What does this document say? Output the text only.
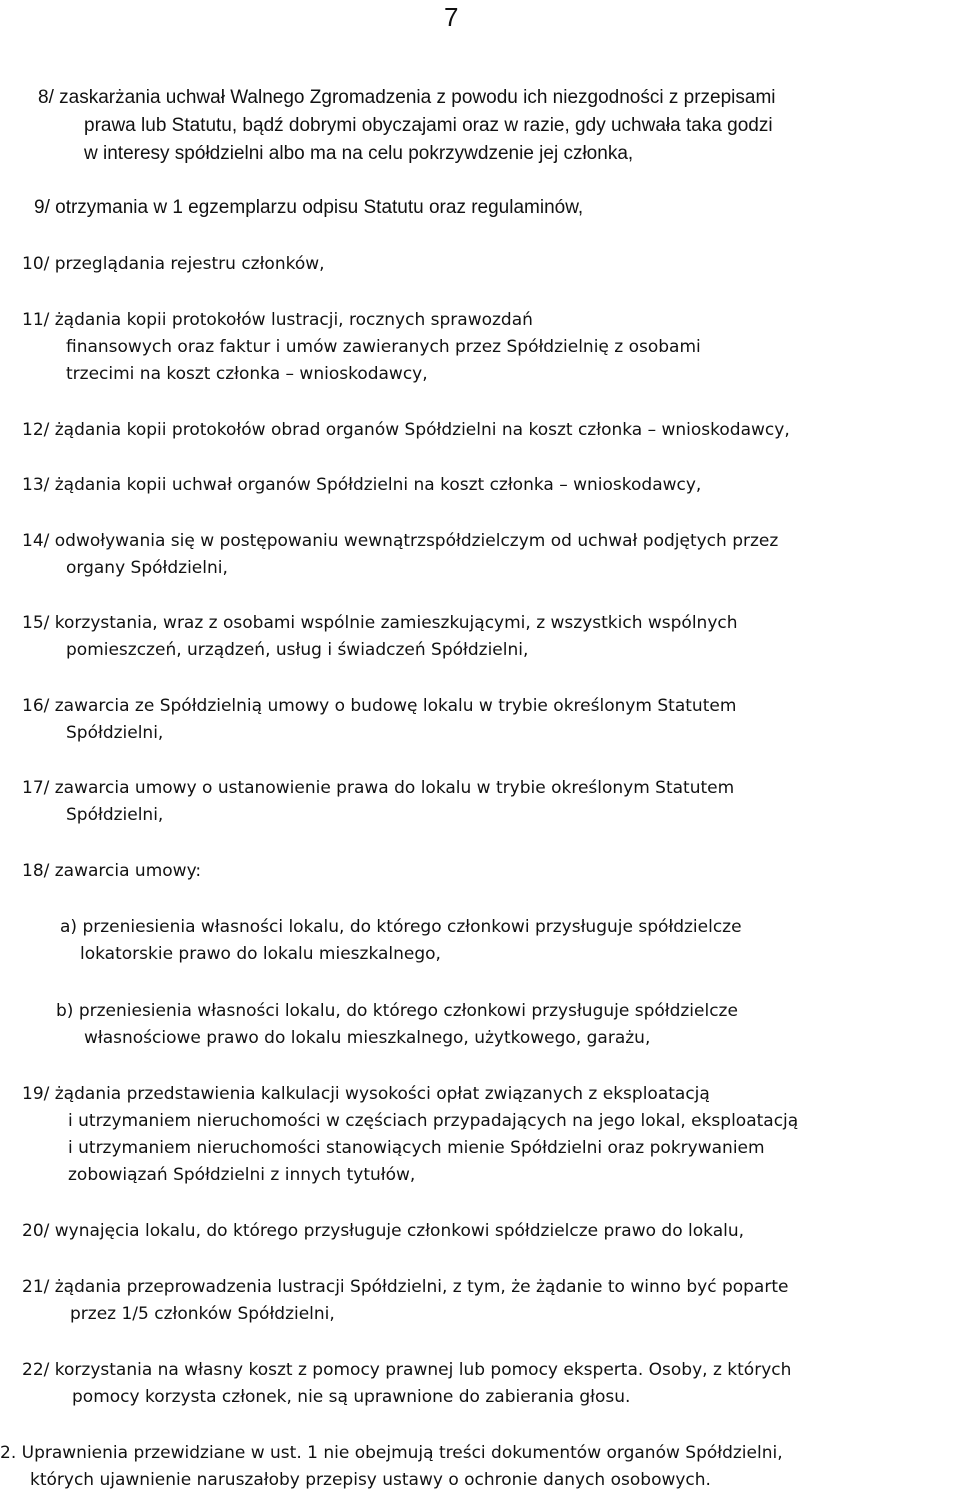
7
8/ zaskarżania uchwał Walnego Zgromadzenia z powodu ich niezgodności z przepisami
prawa lub Statutu, bądź dobrymi obyczajami oraz w razie, gdy uchwała taka godzi
w interesy spółdzielni albo ma na celu pokrzywdzenie jej członka,
9/ otrzymania w 1 egzemplarzu odpisu Statutu oraz regulaminów,
10/ przeglądania rejestru członków,
11/ żądania kopii protokołów lustracji, rocznych sprawozdań
finansowych oraz faktur i umów zawieranych przez Spółdzielnię z osobami
trzecimi na koszt członka – wnioskodawcy,
12/ żądania kopii protokołów obrad organów Spółdzielni na koszt członka – wnioskodawcy,
13/ żądania kopii uchwał organów Spółdzielni na koszt członka – wnioskodawcy,
14/ odwoływania się w postępowaniu wewnątrzspółdzielczym od uchwał podjętych przez
organy Spółdzielni,
15/ korzystania, wraz z osobami wspólnie zamieszkującymi, z wszystkich wspólnych
pomieszczeń, urządzeń, usług i świadczeń Spółdzielni,
16/ zawarcia ze Spółdzielnią umowy o budowę lokalu w trybie określonym Statutem
Spółdzielni,
17/ zawarcia umowy o ustanowienie prawa do lokalu w trybie określonym Statutem
Spółdzielni,
18/ zawarcia umowy:
a) przeniesienia własności lokalu, do którego członkowi przysługuje spółdzielcze
lokatorskie prawo do lokalu mieszkalnego,
b) przeniesienia własności lokalu, do którego członkowi przysługuje spółdzielcze
własnościowe prawo do lokalu mieszkalnego, użytkowego, garażu,
19/ żądania przedstawienia kalkulacji wysokości opłat związanych z eksploatacją
i utrzymaniem nieruchomości w częściach przypadających na jego lokal, eksploatacją
i utrzymaniem nieruchomości stanowiących mienie Spółdzielni oraz pokrywaniem
zobowiązań Spółdzielni z innych tytułów,
20/ wynajęcia lokalu, do którego przysługuje członkowi spółdzielcze prawo do lokalu,
21/ żądania przeprowadzenia lustracji Spółdzielni, z tym, że żądanie to winno być poparte
przez 1/5 członków Spółdzielni,
22/ korzystania na własny koszt z pomocy prawnej lub pomocy eksperta. Osoby, z których
pomocy korzysta członek, nie są uprawnione do zabierania głosu.
2. Uprawnienia przewidziane w ust. 1 nie obejmują treści dokumentów organów Spółdzielni,
których ujawnienie naruszałoby przepisy ustawy o ochronie danych osobowych.
